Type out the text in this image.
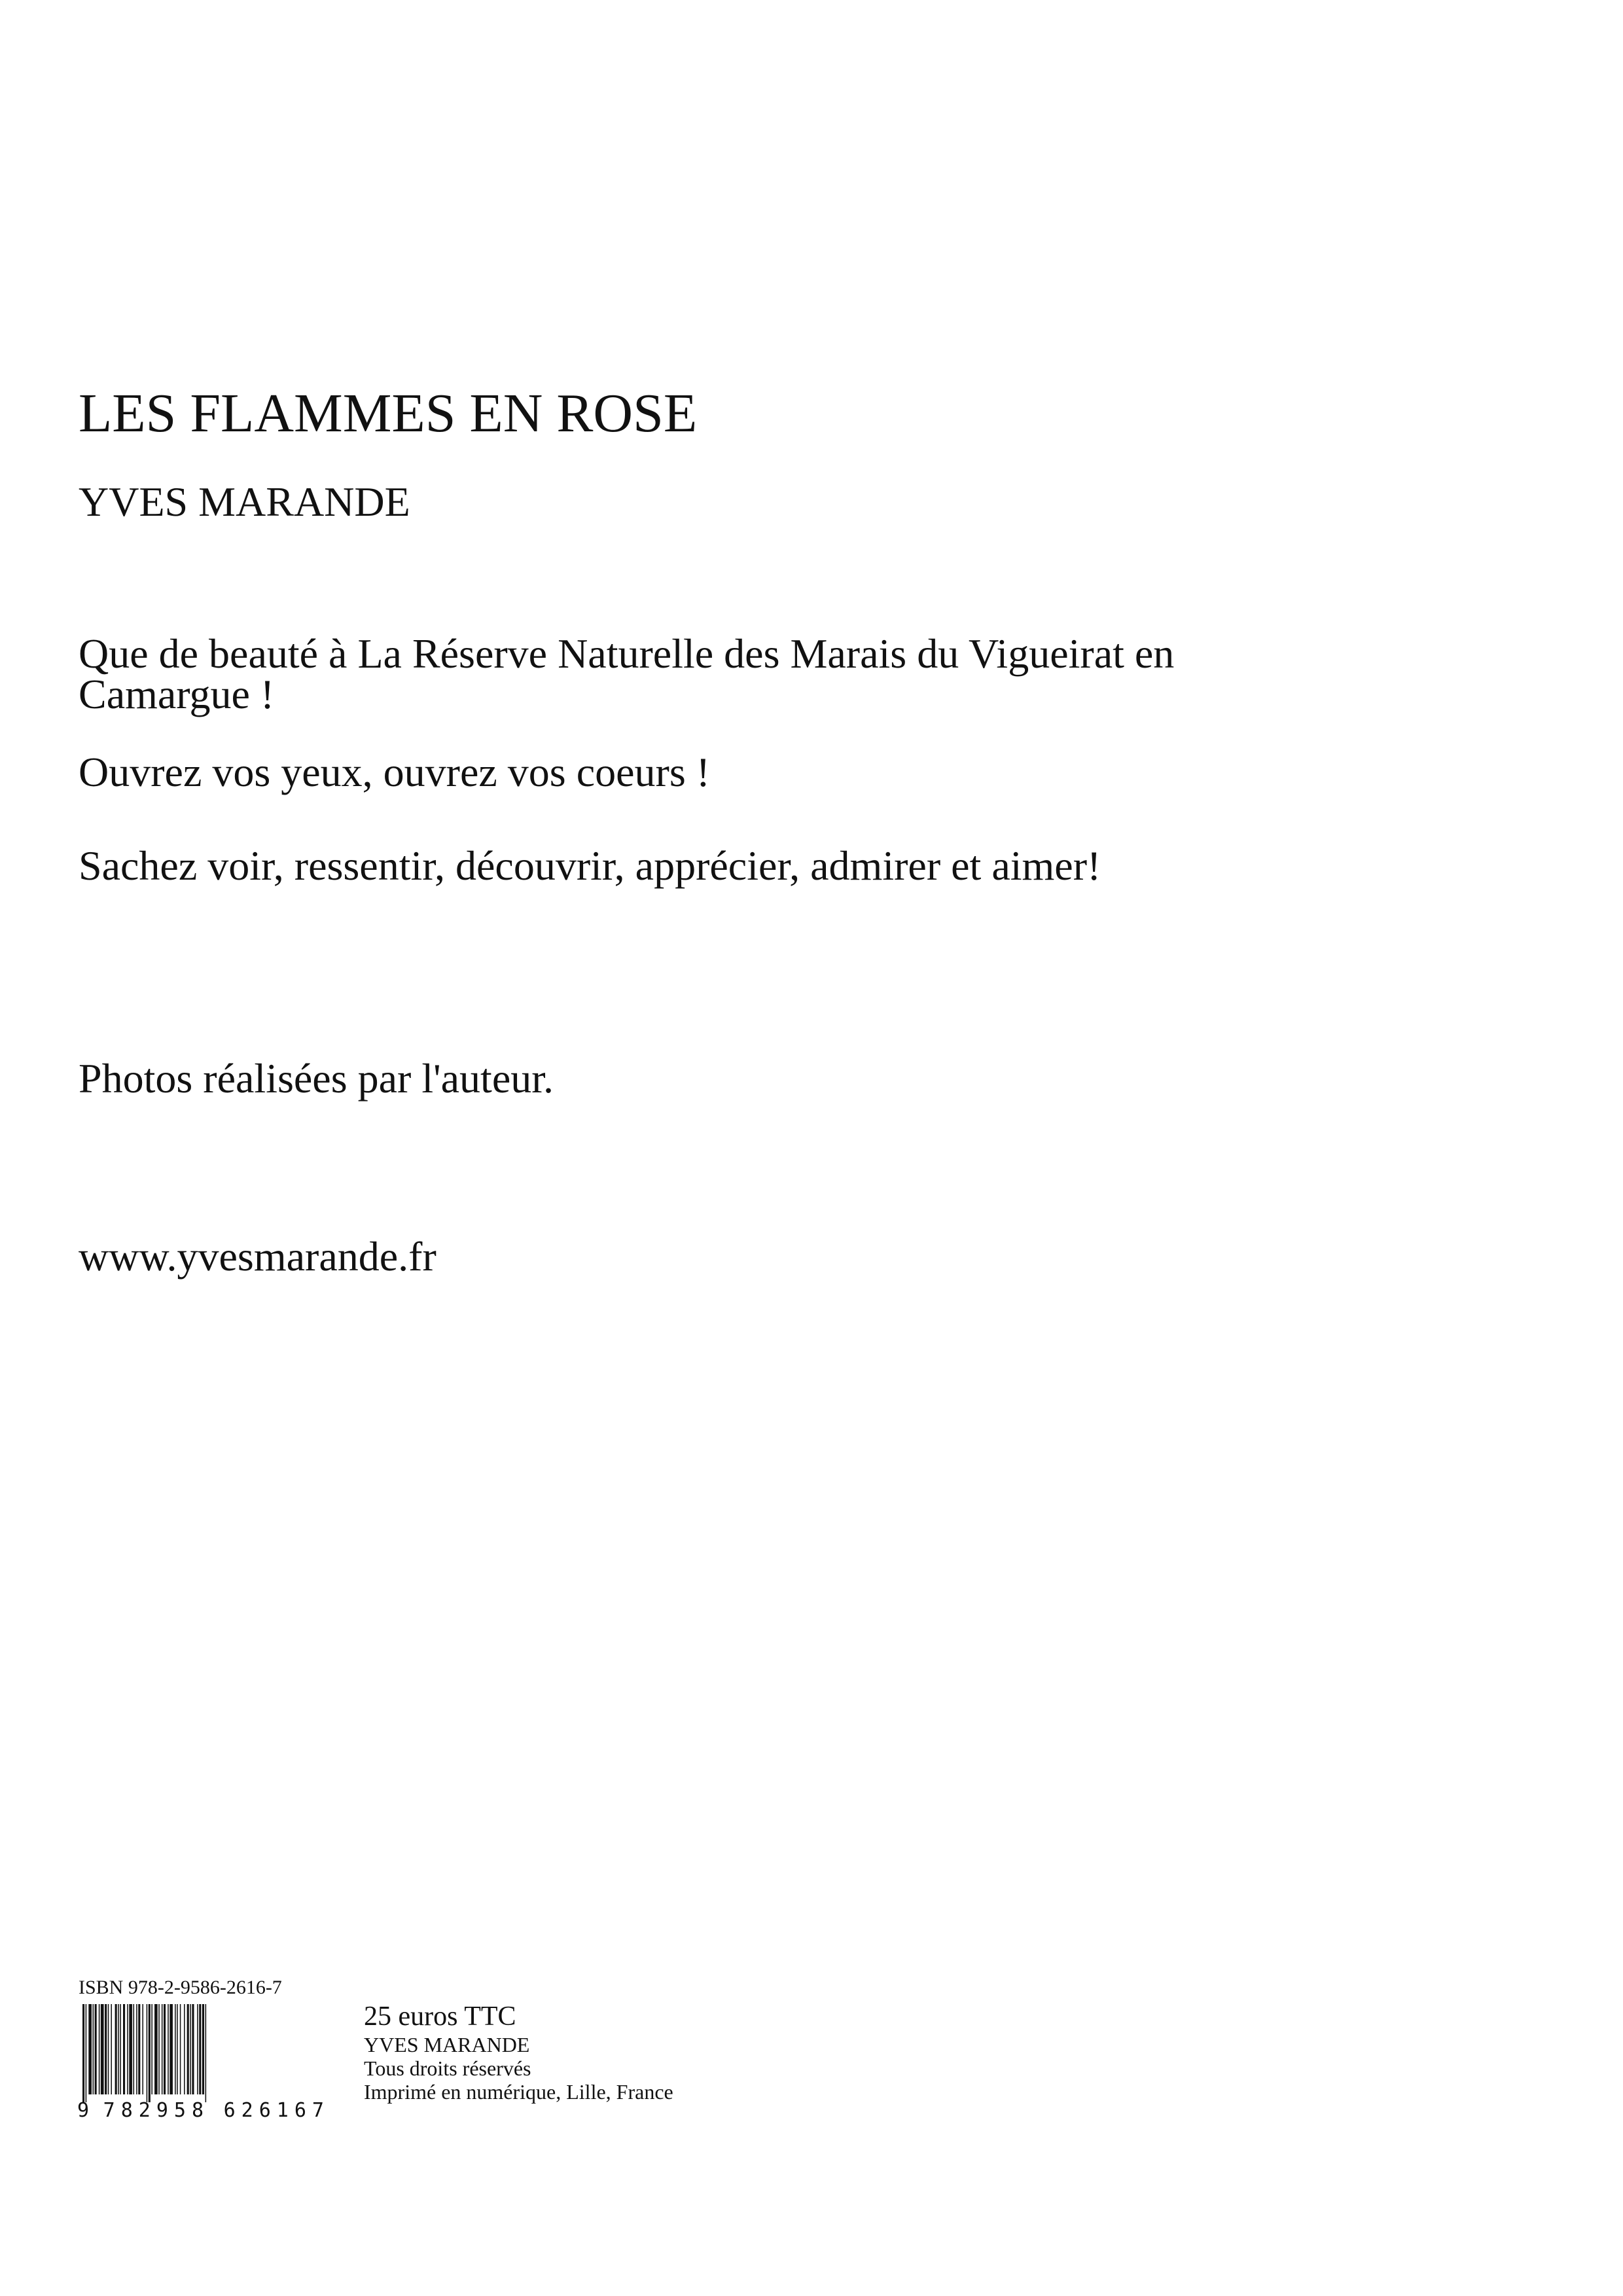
LES FLAMMES EN ROSE
YVES MARANDE
Que de beauté à La Réserve Naturelle des Marais du Vigueirat en Camargue !
Ouvrez vos yeux, ouvrez vos coeurs !
Sachez voir, ressentir, découvrir, apprécier, admirer et aimer!
Photos réalisées par l'auteur.
www.yvesmarande.fr
ISBN 978-2-9586-2616-7
9 782958 626167
25 euros TTC
YVES MARANDE
Tous droits réservés
Imprimé en numérique, Lille, France
